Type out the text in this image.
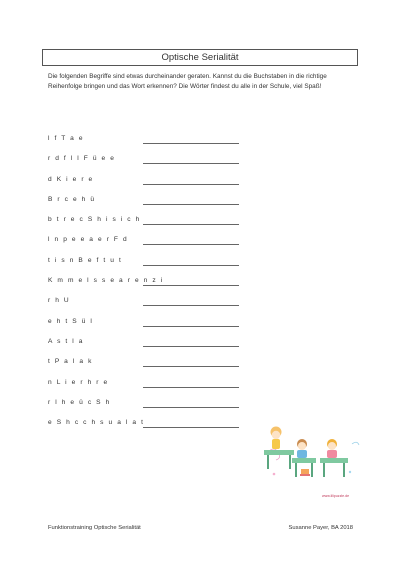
Optische Serialität
Die folgenden Begriffe sind etwas durcheinander geraten. Kannst du die Buchstaben in die richtige Reihenfolge bringen und das Wort erkennen? Die Wörter findest du alle in der Schule, viel Spaß!
l f T a e
r d f l l F ü e e
d K i e r e
B r c e h ü
b t r e c S h i s i c h
l n p e e a e r F d
t i s n B e f t u t
K m m e l s s e a r e n z i
r h U
e h t S ü l
A s t l a
t P a l a k
n L i e r h r e
r l h e ü c S h
e S h c c h s u a l a t
www.lilipuzzle.de
Funktionstraining Optische Serialität	Susanne Payer, BA 2018
